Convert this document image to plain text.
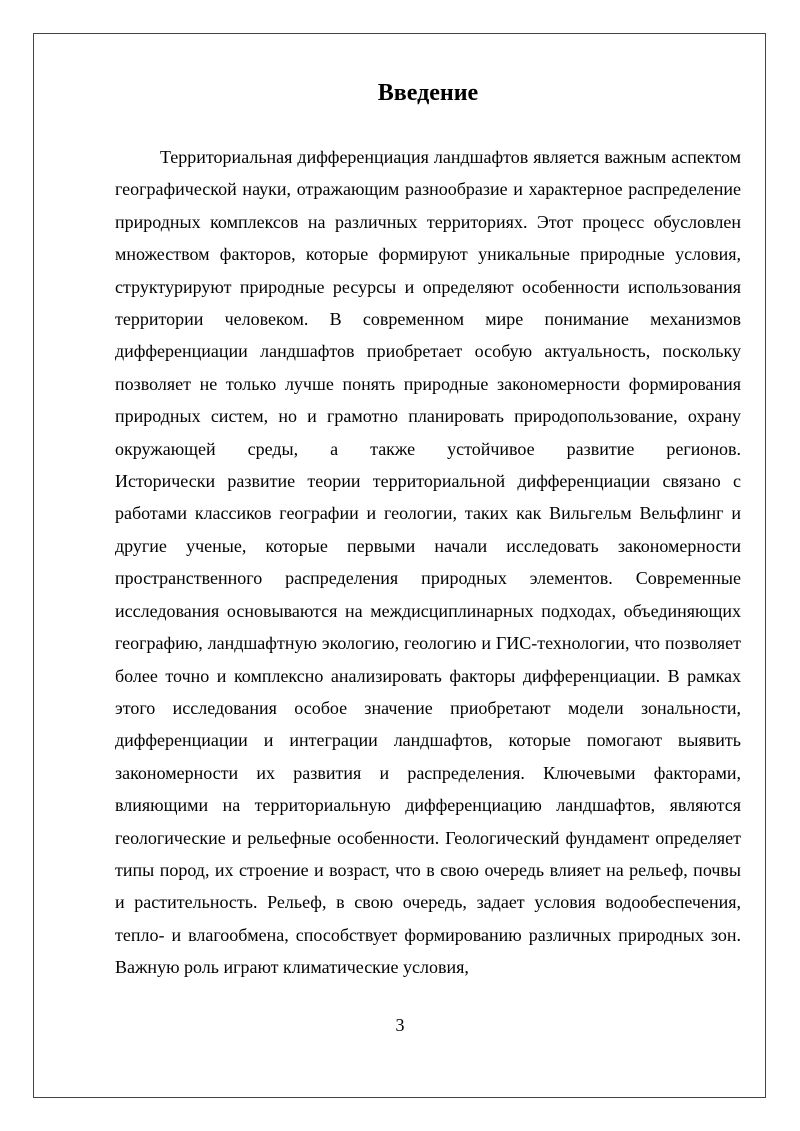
Введение

Территориальная дифференциация ландшафтов является важным аспектом географической науки, отражающим разнообразие и характерное распределение природных комплексов на различных территориях. Этот процесс обусловлен множеством факторов, которые формируют уникальные природные условия, структурируют природные ресурсы и определяют особенности использования территории человеком. В современном мире понимание механизмов дифференциации ландшафтов приобретает особую актуальность, поскольку позволяет не только лучше понять природные закономерности формирования природных систем, но и грамотно планировать природопользование, охрану окружающей среды, а также устойчивое развитие регионов.

Исторически развитие теории территориальной дифференциации связано с работами классиков географии и геологии, таких как Вильгельм Вельфлинг и другие ученые, которые первыми начали исследовать закономерности пространственного распределения природных элементов. Современные исследования основываются на междисциплинарных подходах, объединяющих географию, ландшафтную экологию, геологию и ГИС-технологии, что позволяет более точно и комплексно анализировать факторы дифференциации. В рамках этого исследования особое значение приобретают модели зональности, дифференциации и интеграции ландшафтов, которые помогают выявить закономерности их развития и распределения. Ключевыми факторами, влияющими на территориальную дифференциацию ландшафтов, являются геологические и рельефные особенности. Геологический фундамент определяет типы пород, их строение и возраст, что в свою очередь влияет на рельеф, почвы и растительность. Рельеф, в свою очередь, задает условия водообеспечения, тепло- и влагообмена, способствует формированию различных природных зон. Важную роль играют климатические условия,

3
